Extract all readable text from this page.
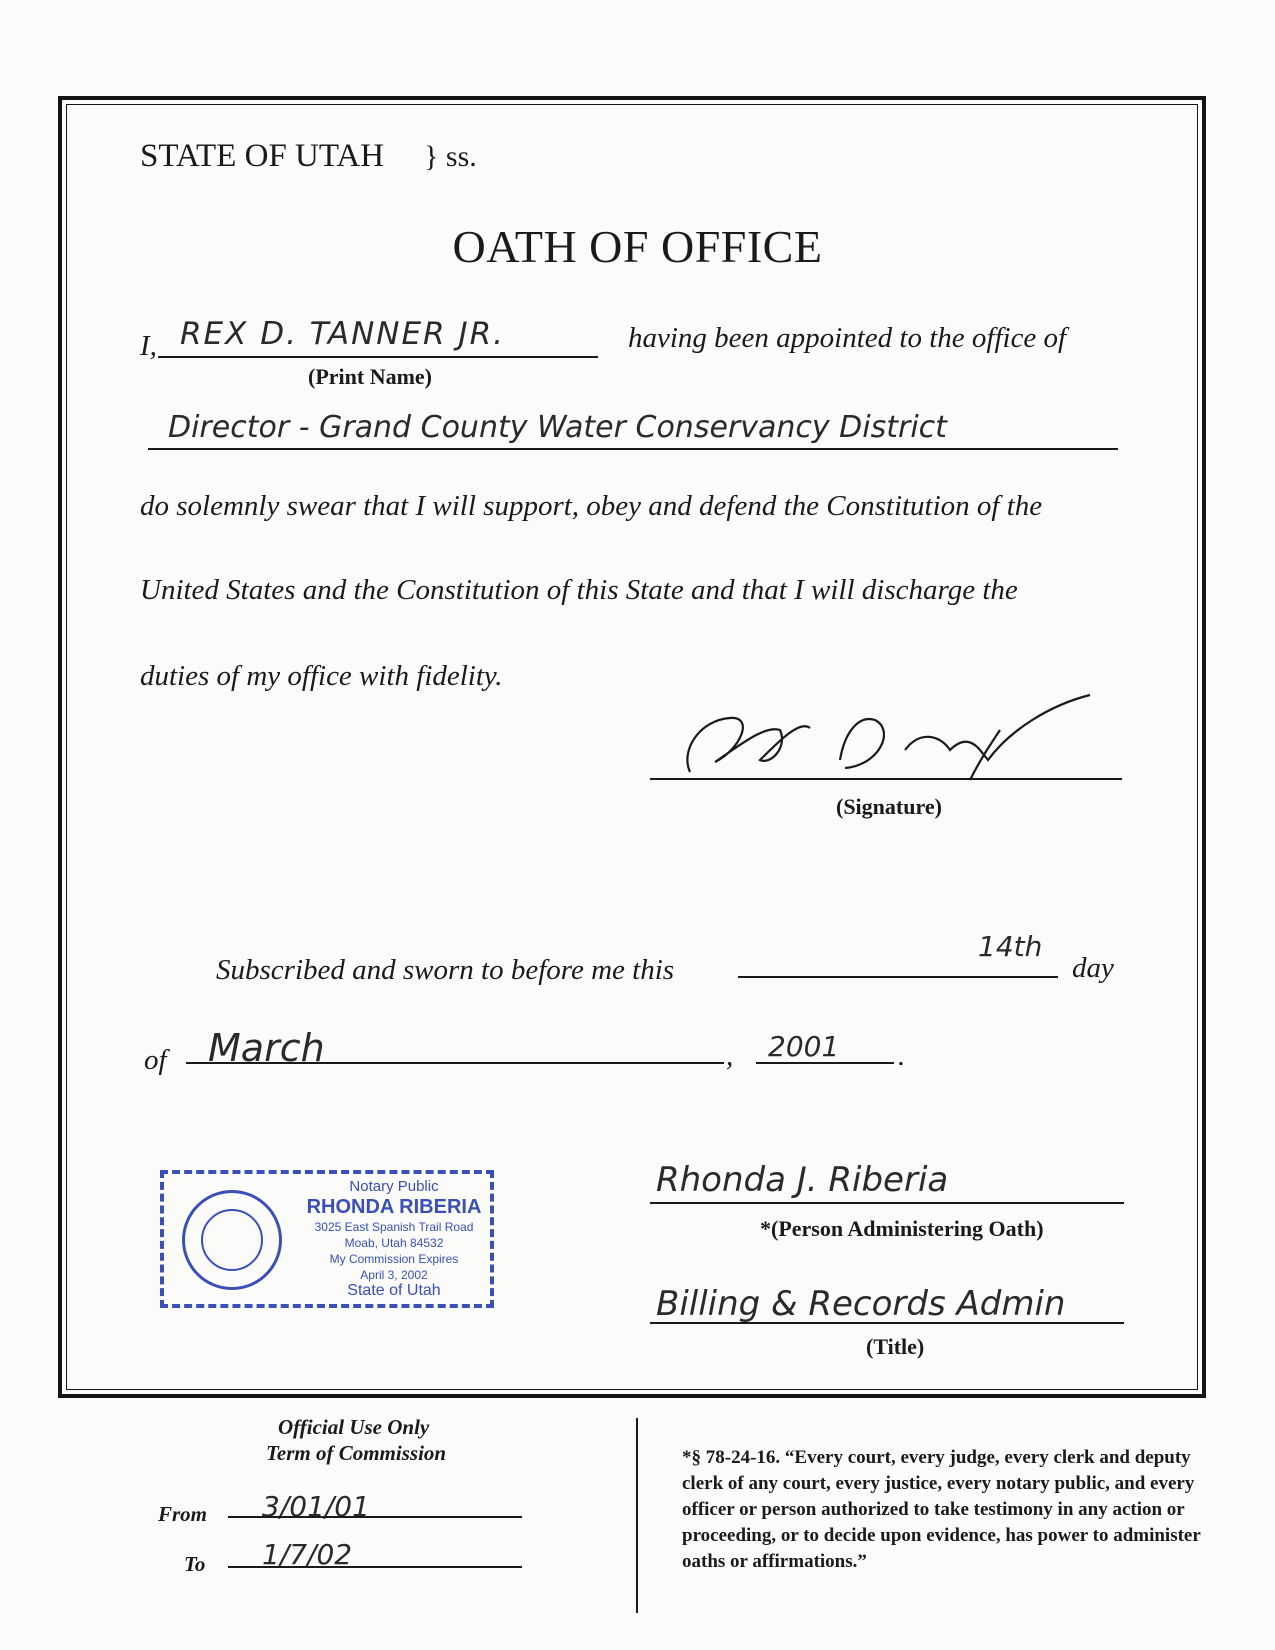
STATE OF UTAH } ss.
OATH OF OFFICE
I, REX D. TANNER JR.
(Print Name)
having been appointed to the office of
Director - Grand County Water Conservancy District
do solemnly swear that I will support, obey and defend the Constitution of the
United States and the Constitution of this State and that I will discharge the
duties of my office with fidelity.
(Signature)
Subscribed and sworn to before me this
14th
day
of March	, 2001 .
Notary Public
RHONDA RIBERIA
3025 East Spanish Trail Road
Moab, Utah 84532
My Commission Expires
April 3, 2002
State of Utah
Rhonda J. Riberia
*(Person Administering Oath)
Billing & Records Admin
(Title)
Official Use Only
Term of Commission
From 3/01/01
To 1/7/02
*§ 78-24-16. “Every court, every judge, every clerk and deputy clerk of any court, every justice, every notary public, and every officer or person authorized to take testimony in any action or proceeding, or to decide upon evidence, has power to administer oaths or affirmations.”
